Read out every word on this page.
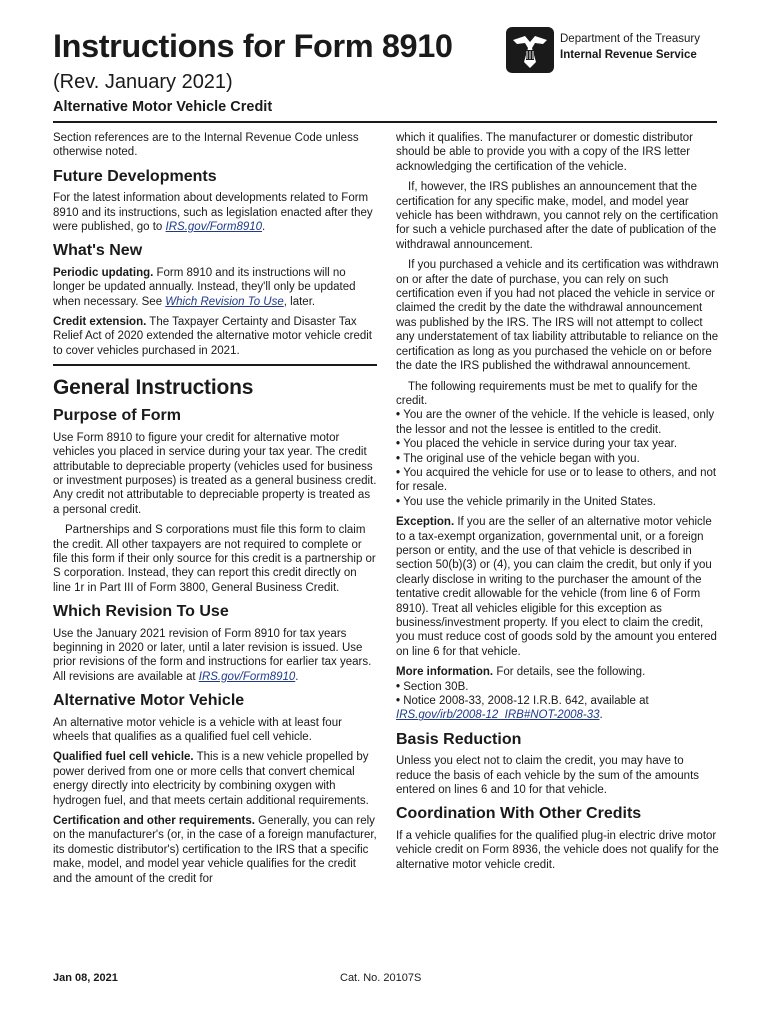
Instructions for Form 8910
(Rev. January 2021)
Alternative Motor Vehicle Credit
Department of the Treasury
Internal Revenue Service

Section references are to the Internal Revenue Code unless otherwise noted.

Future Developments

For the latest information about developments related to Form 8910 and its instructions, such as legislation enacted after they were published, go to IRS.gov/Form8910.

What's New

Periodic updating. Form 8910 and its instructions will no longer be updated annually. Instead, they'll only be updated when necessary. See Which Revision To Use, later.

Credit extension. The Taxpayer Certainty and Disaster Tax Relief Act of 2020 extended the alternative motor vehicle credit to cover vehicles purchased in 2021.

General Instructions
Purpose of Form

Use Form 8910 to figure your credit for alternative motor vehicles you placed in service during your tax year. The credit attributable to depreciable property (vehicles used for business or investment purposes) is treated as a general business credit. Any credit not attributable to depreciable property is treated as a personal credit.

Partnerships and S corporations must file this form to claim the credit. All other taxpayers are not required to complete or file this form if their only source for this credit is a partnership or S corporation. Instead, they can report this credit directly on line 1r in Part III of Form 3800, General Business Credit.

Which Revision To Use

Use the January 2021 revision of Form 8910 for tax years beginning in 2020 or later, until a later revision is issued. Use prior revisions of the form and instructions for earlier tax years. All revisions are available at IRS.gov/Form8910.

Alternative Motor Vehicle

An alternative motor vehicle is a vehicle with at least four wheels that qualifies as a qualified fuel cell vehicle.

Qualified fuel cell vehicle. This is a new vehicle propelled by power derived from one or more cells that convert chemical energy directly into electricity by combining oxygen with hydrogen fuel, and that meets certain additional requirements.

Certification and other requirements. Generally, you can rely on the manufacturer's (or, in the case of a foreign manufacturer, its domestic distributor's) certification to the IRS that a specific make, model, and model year vehicle qualifies for the credit and the amount of the credit for

which it qualifies. The manufacturer or domestic distributor should be able to provide you with a copy of the IRS letter acknowledging the certification of the vehicle.

If, however, the IRS publishes an announcement that the certification for any specific make, model, and model year vehicle has been withdrawn, you cannot rely on the certification for such a vehicle purchased after the date of publication of the withdrawal announcement.

If you purchased a vehicle and its certification was withdrawn on or after the date of purchase, you can rely on such certification even if you had not placed the vehicle in service or claimed the credit by the date the withdrawal announcement was published by the IRS. The IRS will not attempt to collect any understatement of tax liability attributable to reliance on the certification as long as you purchased the vehicle on or before the date the IRS published the withdrawal announcement.

The following requirements must be met to qualify for the credit.

• You are the owner of the vehicle. If the vehicle is leased, only the lessor and not the lessee is entitled to the credit.

• You placed the vehicle in service during your tax year.

• The original use of the vehicle began with you.

• You acquired the vehicle for use or to lease to others, and not for resale.

• You use the vehicle primarily in the United States.

Exception. If you are the seller of an alternative motor vehicle to a tax-exempt organization, governmental unit, or a foreign person or entity, and the use of that vehicle is described in section 50(b)(3) or (4), you can claim the credit, but only if you clearly disclose in writing to the purchaser the amount of the tentative credit allowable for the vehicle (from line 6 of Form 8910). Treat all vehicles eligible for this exception as business/investment property. If you elect to claim the credit, you must reduce cost of goods sold by the amount you entered on line 6 for that vehicle.

More information. For details, see the following.

• Section 30B.

• Notice 2008-33, 2008-12 I.R.B. 642, available at IRS.gov/irb/2008-12_IRB#NOT-2008-33.

Basis Reduction

Unless you elect not to claim the credit, you may have to reduce the basis of each vehicle by the sum of the amounts entered on lines 6 and 10 for that vehicle.

Coordination With Other Credits

If a vehicle qualifies for the qualified plug-in electric drive motor vehicle credit on Form 8936, the vehicle does not qualify for the alternative motor vehicle credit.

Jan 08, 2021	Cat. No. 20107S
